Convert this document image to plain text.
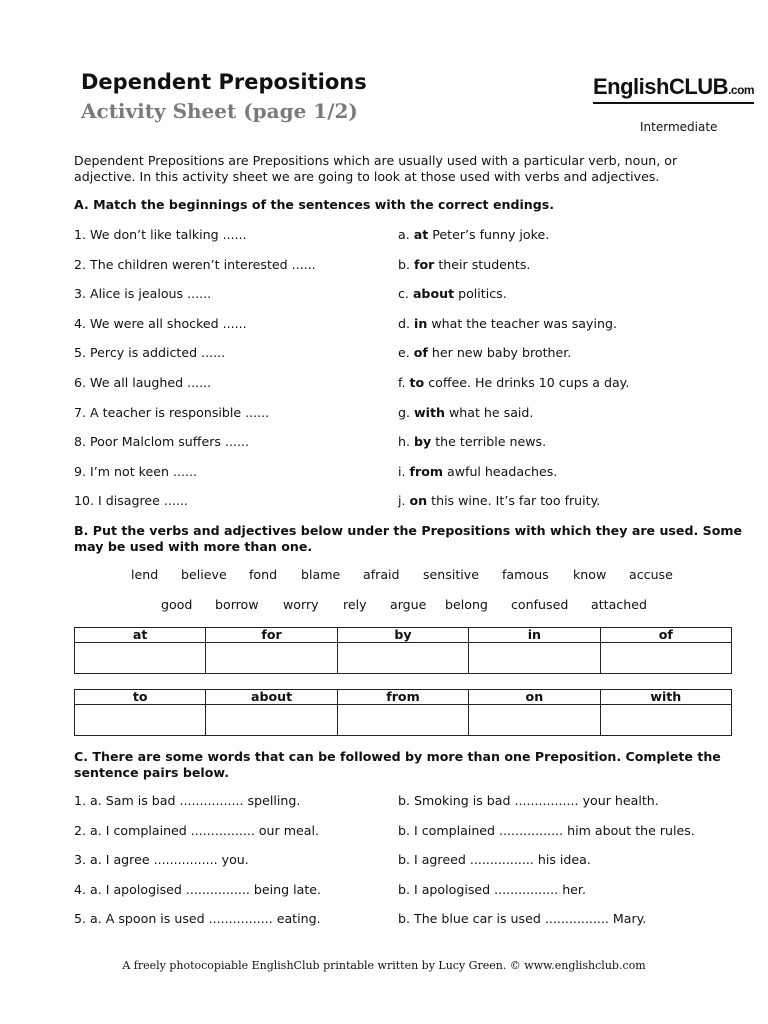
Dependent Prepositions
Activity Sheet (page 1/2)
EnglishCLUB.com
Intermediate
Dependent Prepositions are Prepositions which are usually used with a particular verb, noun, or adjective. In this activity sheet we are going to look at those used with verbs and adjectives.
A. Match the beginnings of the sentences with the correct endings.
1. We don’t like talking ......	a. at Peter’s funny joke.
2. The children weren’t interested ......	b. for their students.
3. Alice is jealous ......	c. about politics.
4. We were all shocked ......	d. in what the teacher was saying.
5. Percy is addicted ......	e. of her new baby brother.
6. We all laughed ......	f. to coffee. He drinks 10 cups a day.
7. A teacher is responsible ......	g. with what he said.
8. Poor Malclom suffers ......	h. by the terrible news.
9. I’m not keen ......	i. from awful headaches.
10. I disagree ......	j. on this wine. It’s far too fruity.
B. Put the verbs and adjectives below under the Prepositions with which they are used. Some may be used with more than one.
lend believe fond blame afraid sensitive famous know accuse
good borrow worry rely argue belong confused attached
at	for	by	in	of

to	about	from	on	with

C. There are some words that can be followed by more than one Preposition. Complete the sentence pairs below.
1. a. Sam is bad ................ spelling.	b. Smoking is bad ................ your health.
2. a. I complained ................ our meal.	b. I complained ................ him about the rules.
3. a. I agree ................ you.	b. I agreed ................ his idea.
4. a. I apologised ................ being late.	b. I apologised ................ her.
5. a. A spoon is used ................ eating.	b. The blue car is used ................ Mary.
A freely photocopiable EnglishClub printable written by Lucy Green. © www.englishclub.com
